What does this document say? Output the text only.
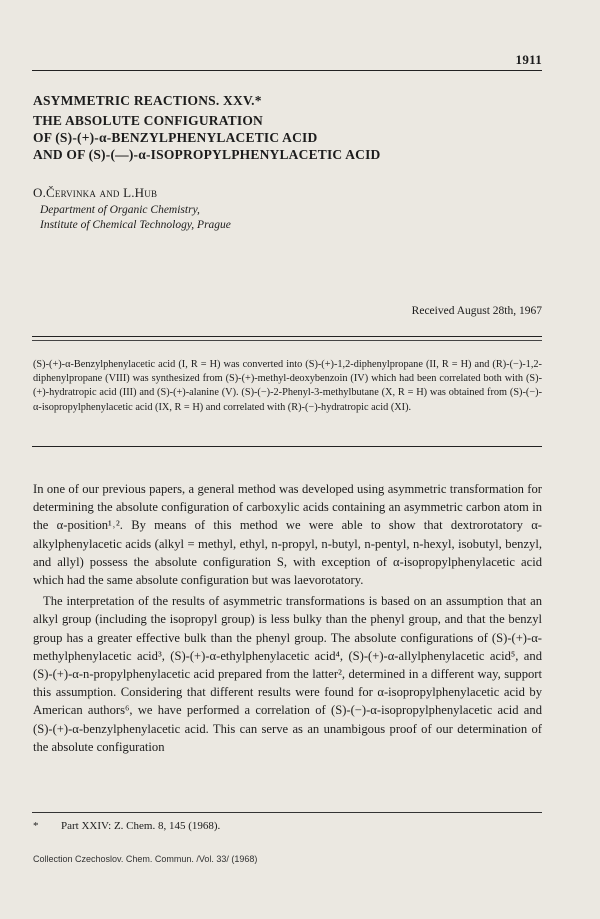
1911
ASYMMETRIC REACTIONS. XXV.*
THE ABSOLUTE CONFIGURATION
OF (S)-(+)-α-BENZYLPHENYLACETIC ACID
AND OF (S)-(—)-α-ISOPROPYLPHENYLACETIC ACID
O.Červinka and L.Hub
Department of Organic Chemistry,
Institute of Chemical Technology, Prague
Received August 28th, 1967
(S)-(+)-α-Benzylphenylacetic acid (I, R = H) was converted into (S)-(+)-1,2-diphenylpropane (II, R = H) and (R)-(−)-1,2-diphenylpropane (VIII) was synthesized from (S)-(+)-methyl-deoxybenzoin (IV) which had been correlated both with (S)-(+)-hydratropic acid (III) and (S)-(+)-alanine (V). (S)-(−)-2-Phenyl-3-methylbutane (X, R = H) was obtained from (S)-(−)-α-isopropylphenylacetic acid (IX, R = H) and correlated with (R)-(−)-hydratropic acid (XI).

In one of our previous papers, a general method was developed using asymmetric transformation for determining the absolute configuration of carboxylic acids containing an asymmetric carbon atom in the α-position¹˒². By means of this method we were able to show that dextrorotatory α-alkylphenylacetic acids (alkyl = methyl, ethyl, n-propyl, n-butyl, n-pentyl, n-hexyl, isobutyl, benzyl, and allyl) possess the absolute configuration S, with exception of α-isopropylphenylacetic acid which had the same absolute configuration but was laevorotatory.

The interpretation of the results of asymmetric transformations is based on an assumption that an alkyl group (including the isopropyl group) is less bulky than the phenyl group, and that the benzyl group has a greater effective bulk than the phenyl group. The absolute configurations of (S)-(+)-α-methylphenylacetic acid³, (S)-(+)-α-ethylphenylacetic acid⁴, (S)-(+)-α-allylphenylacetic acid⁵, and (S)-(+)-α-n-propylphenylacetic acid prepared from the latter², determined in a different way, support this assumption. Considering that different results were found for α-isopropylphenylacetic acid by American authors⁶, we have performed a correlation of (S)-(−)-α-isopropylphenylacetic acid and (S)-(+)-α-benzylphenylacetic acid. This can serve as an unambigous proof of our determination of the absolute configuration

* Part XXIV: Z. Chem. 8, 145 (1968).
Collection Czechoslov. Chem. Commun. /Vol. 33/ (1968)
